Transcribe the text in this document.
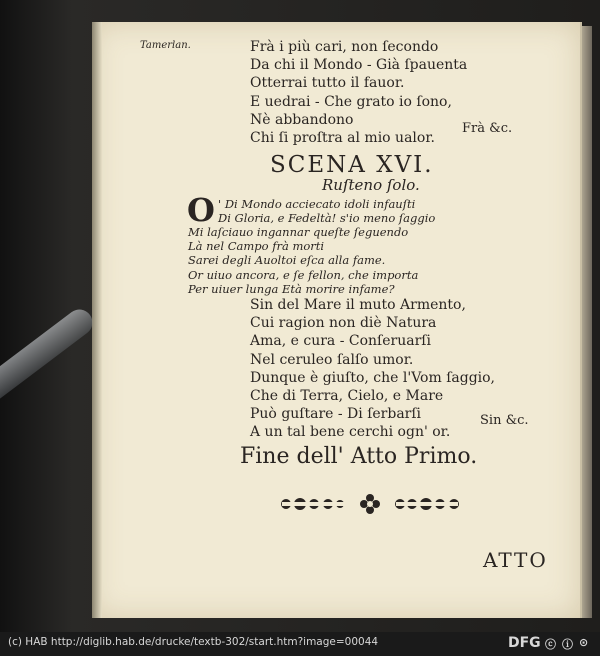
Tamerlan.	Frà i più cari, non ſecondo
Da chi il Mondo - Già ſpauenta
Otterrai tutto il fauor.
E uedrai - Che grato io ſono,
Nè abbandono
Chi ſi proſtra al mio ualor.
Frà &c.
SCENA XVI.
Ruſteno ſolo.
O ' Di Mondo acciecato idoli infauſti
Di Gloria, e Fedeltà! s'io meno ſaggio
Mi laſciauo ingannar queſte ſeguendo
Là nel Campo frà morti
Sarei degli Auoltoi eſca alla fame.
Or uiuo ancora, e ſe fellon, che importa
Per uiuer lunga Età morire infame?
Sin del Mare il muto Armento,
Cui ragion non diè Natura
Ama, e cura - Conſeruarſi
Nel ceruleo ſalſo umor.
Dunque è giuſto, che l'Vom ſaggio,
Che di Terra, Cielo, e Mare
Può guſtare - Di ſerbarſi
A un tal bene cerchi ogn' or.
Sin &c.
Fine dell' Atto Primo.
ATTO
(c) HAB http://diglib.hab.de/drucke/textb-302/start.htm?image=00044	DFG ⓒ ⓘ ⊙
